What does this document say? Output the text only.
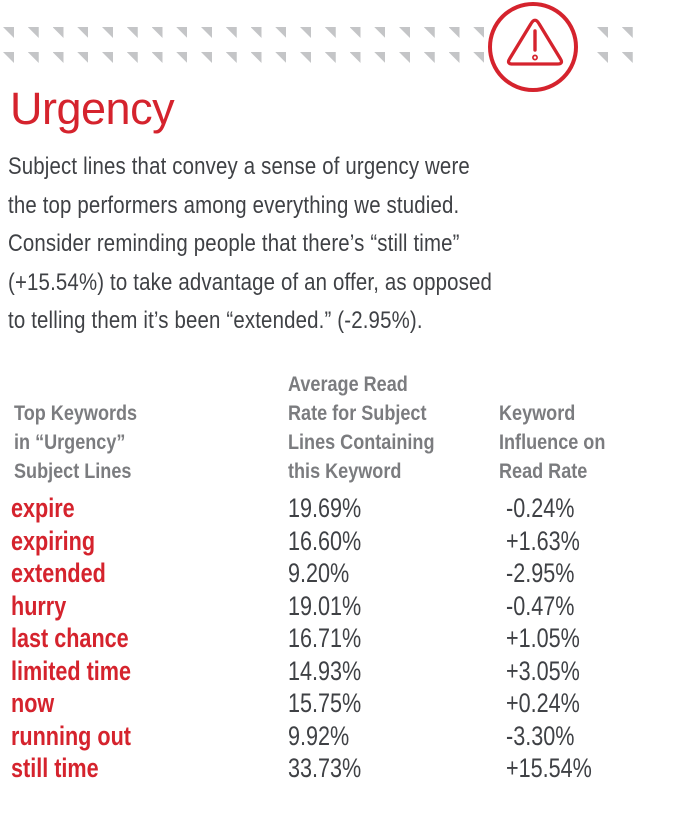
Urgency
Subject lines that convey a sense of urgency were
the top performers among everything we studied.
Consider reminding people that there’s “still time”
(+15.54%) to take advantage of an offer, as opposed
to telling them it’s been “extended.” (-2.95%).
Top Keywords
in “Urgency”
Subject Lines
Average Read
Rate for Subject
Lines Containing
this Keyword
Keyword
Influence on
Read Rate
expire	19.69%	-0.24%
expiring	16.60%	+1.63%
extended	9.20%	-2.95%
hurry	19.01%	-0.47%
last chance	16.71%	+1.05%
limited time	14.93%	+3.05%
now	15.75%	+0.24%
running out	9.92%	-3.30%
still time	33.73%	+15.54%
